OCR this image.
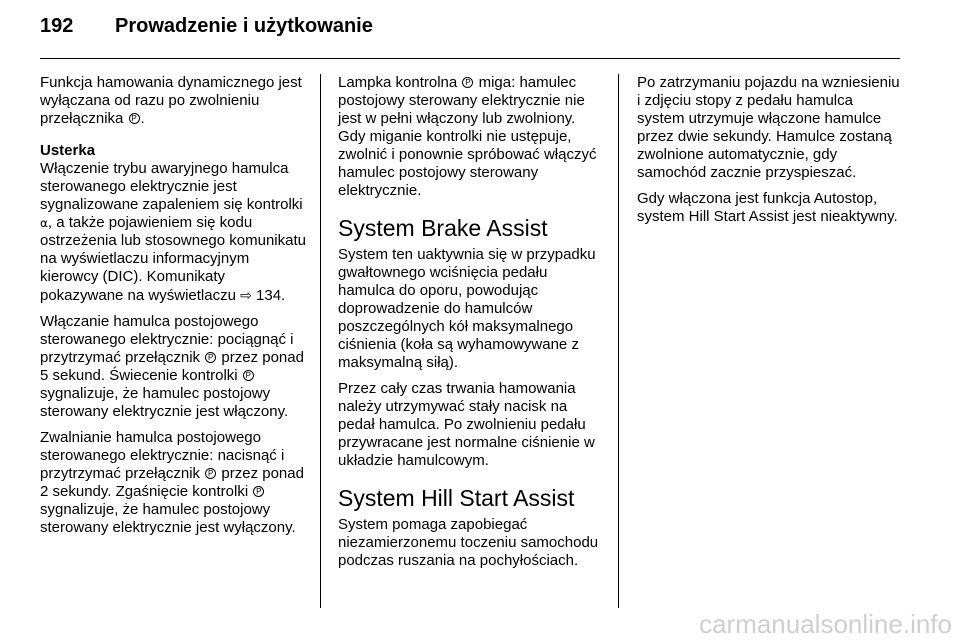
192 Prowadzenie i użytkowanie

Funkcja hamowania dynamicznego jest wyłączana od razu po zwolnieniu przełącznika P .

Usterka

Włączenie trybu awaryjnego hamulca sterowanego elektrycznie jest sygnalizowane zapaleniem się kontrolki ⍺, a także pojawieniem się kodu ostrzeżenia lub stosownego komunikatu na wyświetlaczu informacyjnym kierowcy (DIC). Komunikaty pokazywane na wyświetlaczu ⇨ 134.

Włączanie hamulca postojowego sterowanego elektrycznie: pociągnąć i przytrzymać przełącznik P przez ponad 5 sekund. Świecenie kontrolki P sygnalizuje, że hamulec postojowy sterowany elektrycznie jest włączony.

Zwalnianie hamulca postojowego sterowanego elektrycznie: nacisnąć i przytrzymać przełącznik P przez ponad 2 sekundy. Zgaśnięcie kontrolki P sygnalizuje, że hamulec postojowy sterowany elektrycznie jest wyłączony.

Lampka kontrolna P miga: hamulec postojowy sterowany elektrycznie nie jest w pełni włączony lub zwolniony. Gdy miganie kontrolki nie ustępuje, zwolnić i ponownie spróbować włączyć hamulec postojowy sterowany elektrycznie.

System Brake Assist

System ten uaktywnia się w przypadku gwałtownego wciśnięcia pedału hamulca do oporu, powodując doprowadzenie do hamulców poszczególnych kół maksymalnego ciśnienia (koła są wyhamowywane z maksymalną siłą).

Przez cały czas trwania hamowania należy utrzymywać stały nacisk na pedał hamulca. Po zwolnieniu pedału przywracane jest normalne ciśnienie w układzie hamulcowym.

System Hill Start Assist

System pomaga zapobiegać niezamierzonemu toczeniu samochodu podczas ruszania na pochyłościach.

Po zatrzymaniu pojazdu na wzniesieniu i zdjęciu stopy z pedału hamulca system utrzymuje włączone hamulce przez dwie sekundy. Hamulce zostaną zwolnione automatycznie, gdy samochód zacznie przyspieszać.

Gdy włączona jest funkcja Autostop, system Hill Start Assist jest nieaktywny.

carmanualsonline.info
